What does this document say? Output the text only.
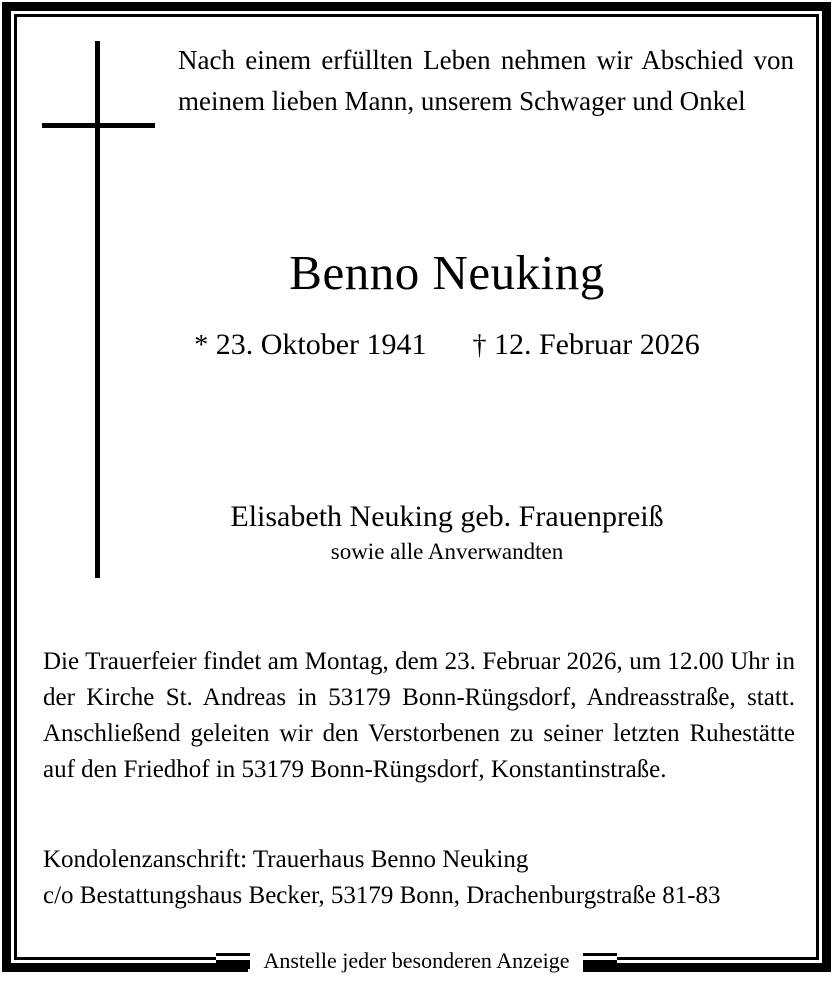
Nach einem erfüllten Leben nehmen wir Abschied von meinem lieben Mann, unserem Schwager und Onkel
Benno Neuking
* 23. Oktober 1941 † 12. Februar 2026
Elisabeth Neuking geb. Frauenpreiß
sowie alle Anverwandten
Die Trauerfeier findet am Montag, dem 23. Februar 2026, um 12.00 Uhr in der Kirche St. Andreas in 53179 Bonn-Rüngsdorf, Andreasstraße, statt. Anschließend geleiten wir den Verstorbenen zu seiner letzten Ruhestätte auf den Friedhof in 53179 Bonn-Rüngsdorf, Konstantinstraße.
Kondolenzanschrift: Trauerhaus Benno Neuking
c/o Bestattungshaus Becker, 53179 Bonn, Drachenburgstraße 81-83
Anstelle jeder besonderen Anzeige
